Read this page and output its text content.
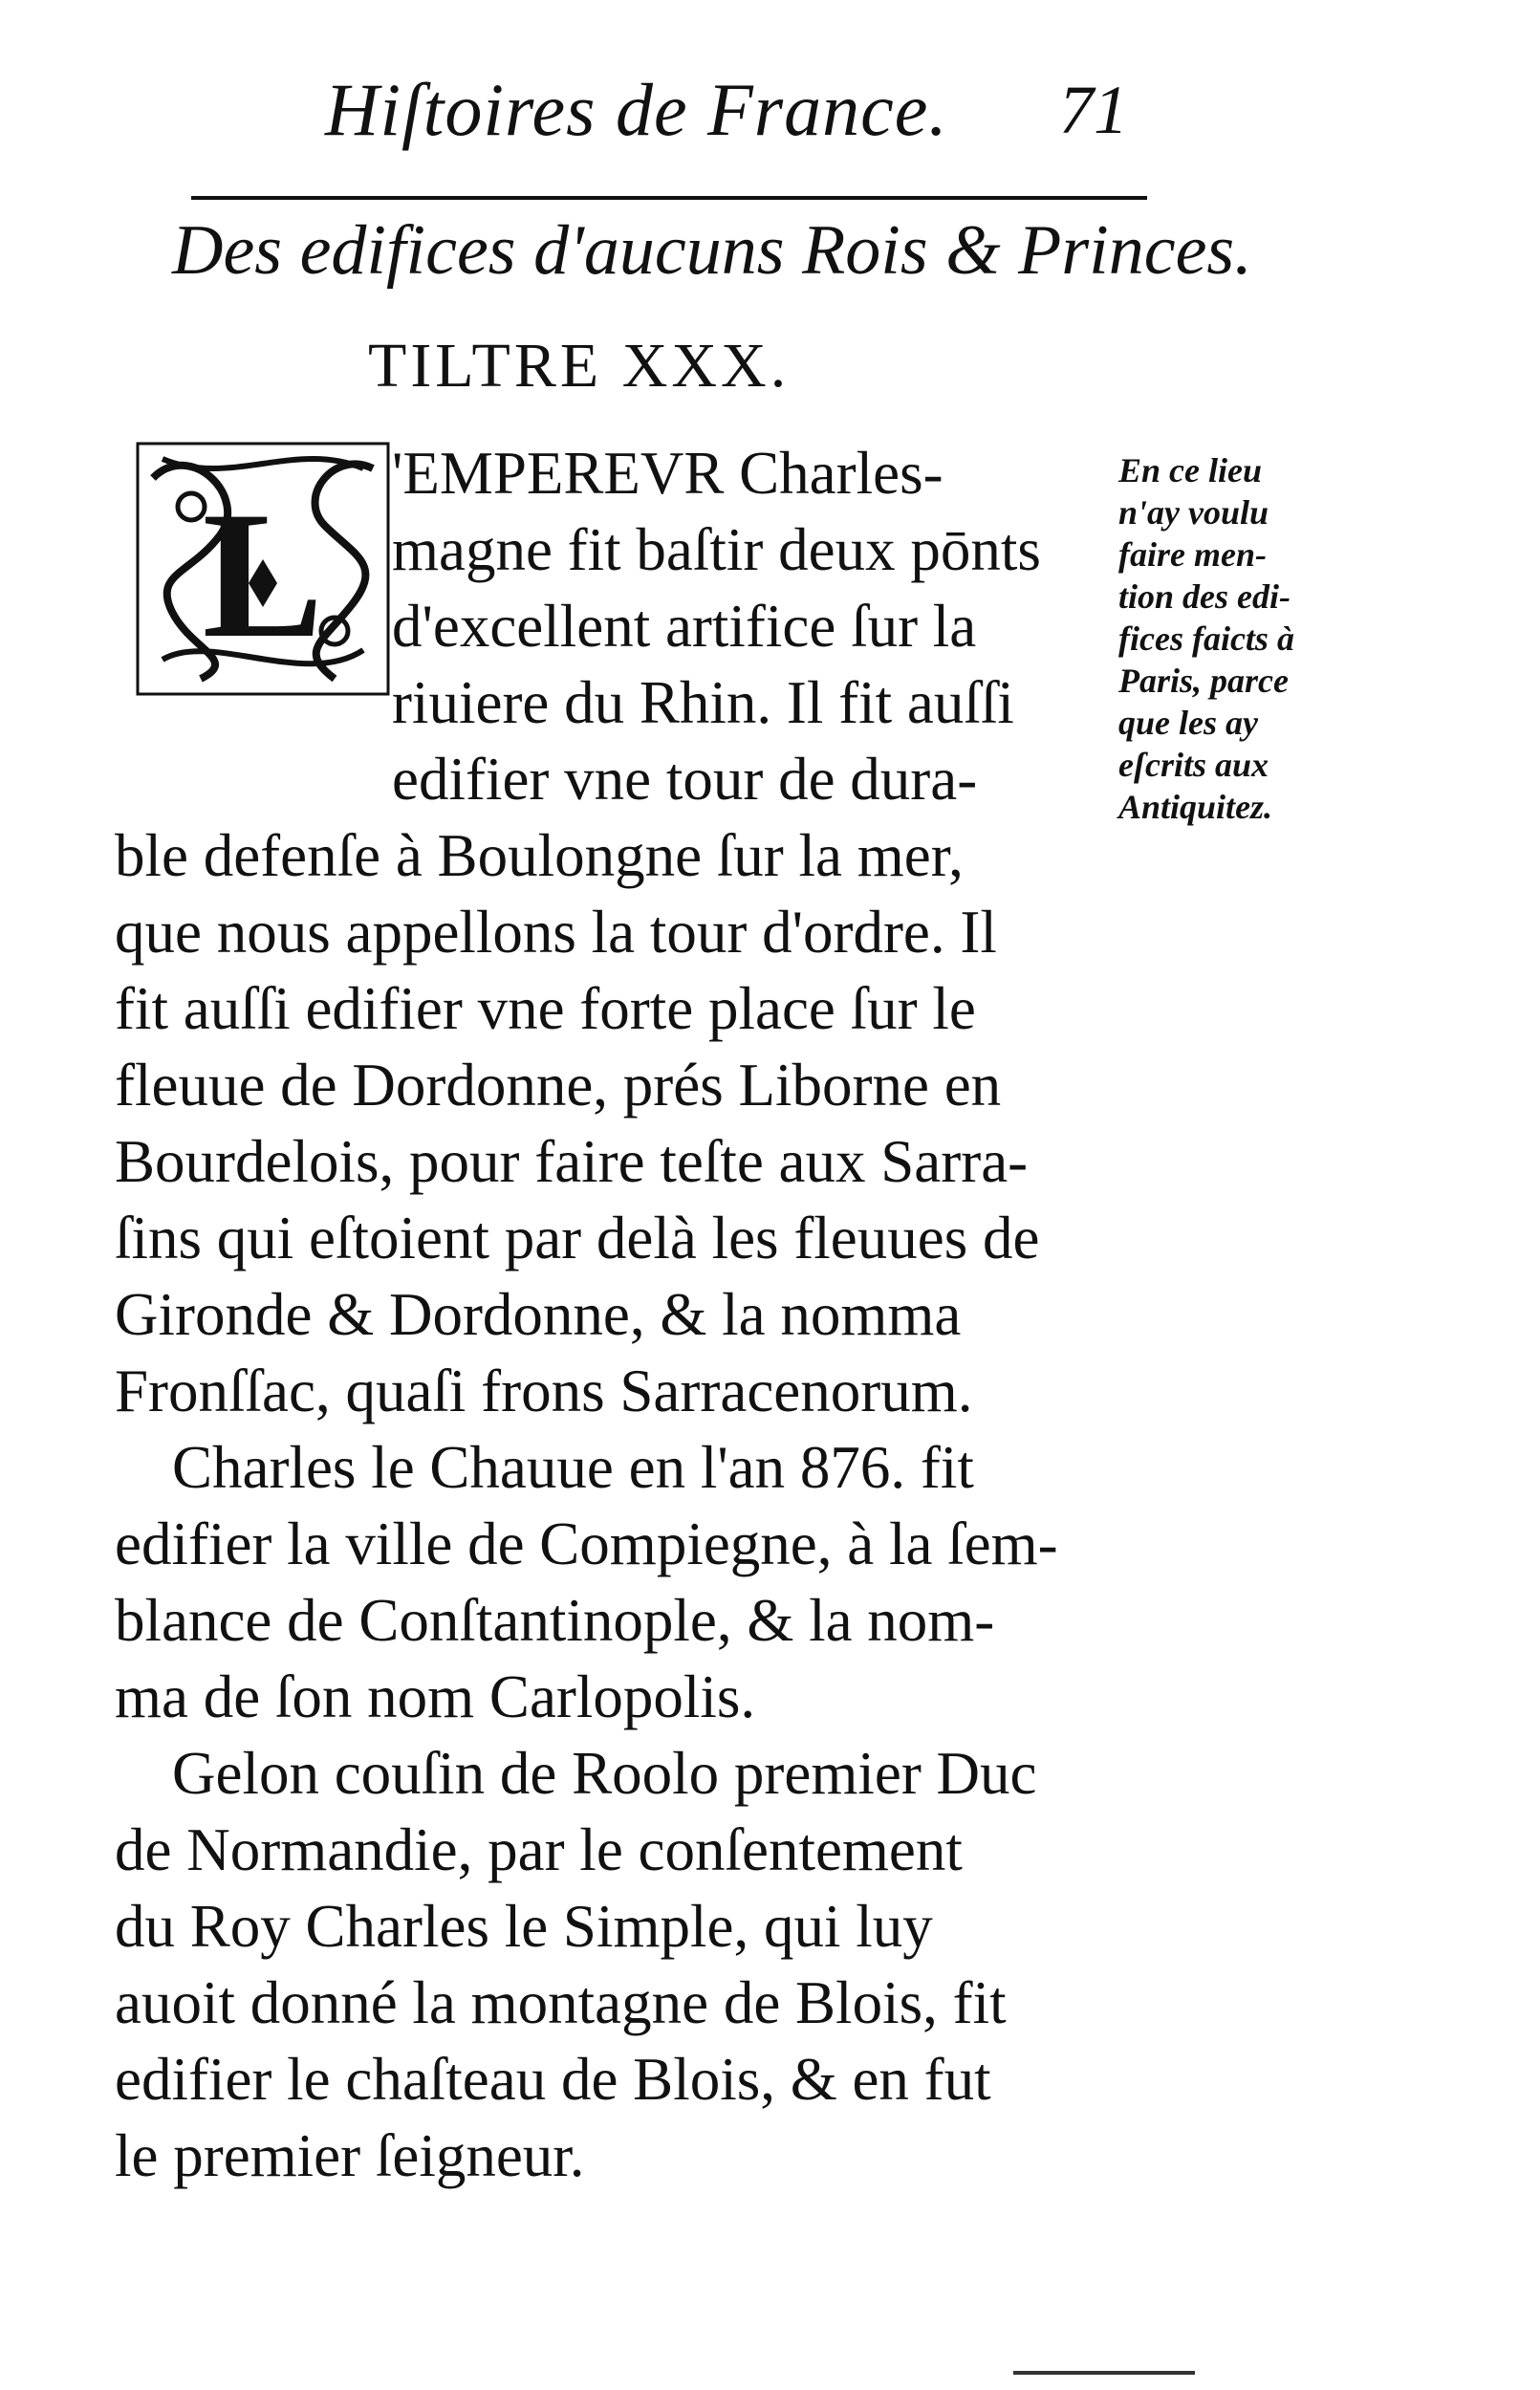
Hiſtoires de France. 71
Des edifices d'aucuns Rois & Princes.
TILTRE XXX.
L
'EMPEREVR Charles-
magne fit baſtir deux pōnts
d'excellent artifice ſur la
riuiere du Rhin. Il fit auſſi
edifier vne tour de dura-
ble defenſe à Boulongne ſur la mer,
que nous appellons la tour d'ordre. Il
fit auſſi edifier vne forte place ſur le
fleuue de Dordonne, prés Liborne en
Bourdelois, pour faire teſte aux Sarra-
ſins qui eſtoient par delà les fleuues de
Gironde & Dordonne, & la nomma
Fronſſac, quaſi frons Sarracenorum.
Charles le Chauue en l'an 876. fit
edifier la ville de Compiegne, à la ſem-
blance de Conſtantinople, & la nom-
ma de ſon nom Carlopolis.
Gelon couſin de Roolo premier Duc
de Normandie, par le conſentement
du Roy Charles le Simple, qui luy
auoit donné la montagne de Blois, fit
edifier le chaſteau de Blois, & en fut
le premier ſeigneur.
En ce lieu
n'ay voulu
faire men-
tion des edi-
fices faicts à
Paris, parce
que les ay
eſcrits aux
Antiquitez.
